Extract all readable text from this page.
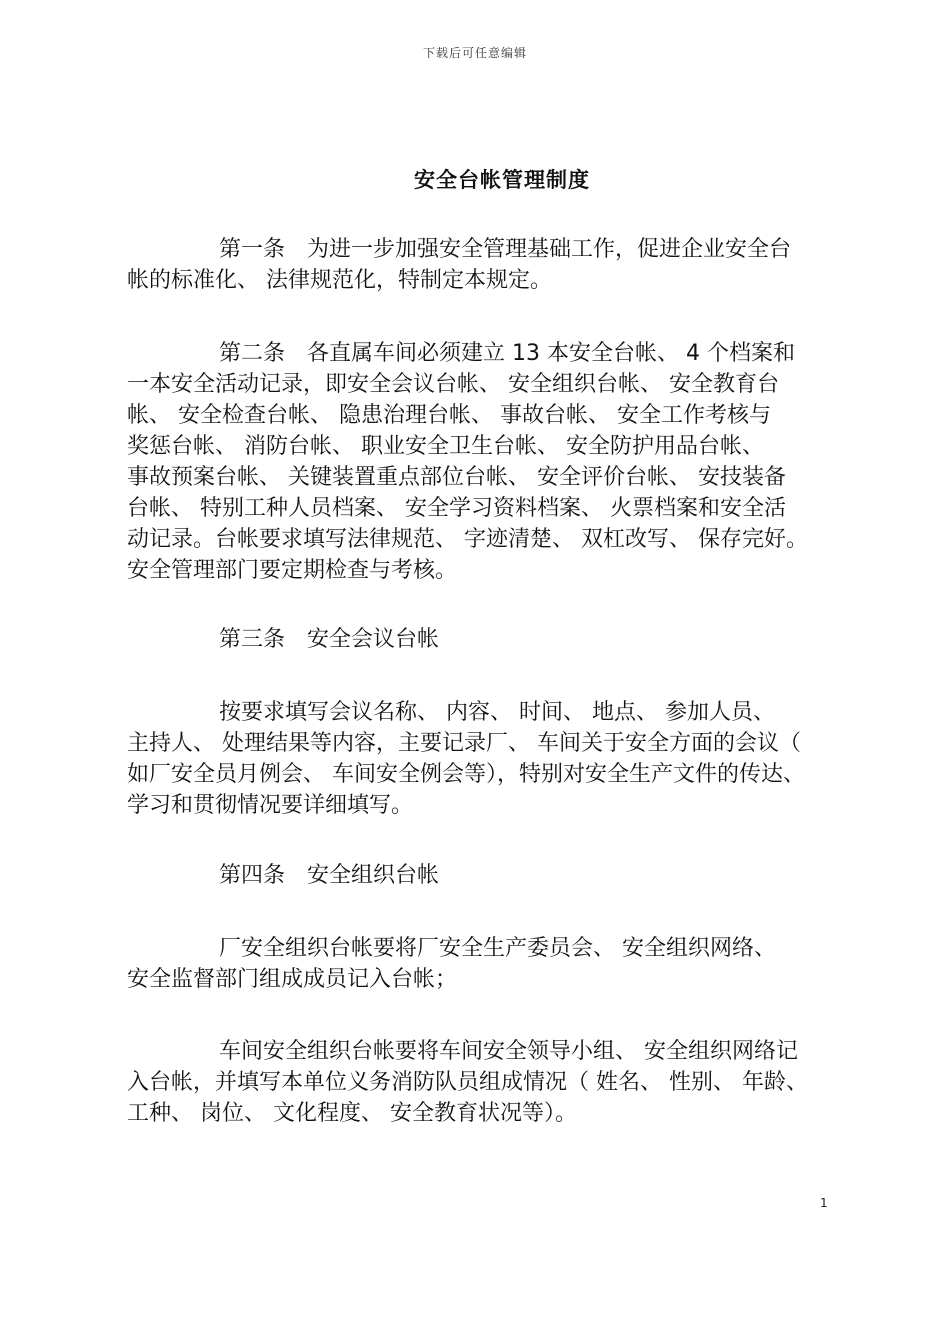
下载后可任意编辑
安全台帐管理制度
第一条　为进一步加强安全管理基础工作，促进企业安全台
帐的标准化、 法律规范化，特制定本规定。
第二条　各直属车间必须建立 13 本安全台帐、 4 个档案和
一本安全活动记录，即安全会议台帐、 安全组织台帐、 安全教育台
帐、 安全检查台帐、 隐患治理台帐、 事故台帐、 安全工作考核与
奖惩台帐、 消防台帐、 职业安全卫生台帐、 安全防护用品台帐、
事故预案台帐、 关键装置重点部位台帐、 安全评价台帐、 安技装备
台帐、 特别工种人员档案、 安全学习资料档案、 火票档案和安全活
动记录。台帐要求填写法律规范、 字迹清楚、 双杠改写、 保存完好。
安全管理部门要定期检查与考核。
第三条　安全会议台帐
按要求填写会议名称、 内容、 时间、 地点、 参加人员、
主持人、 处理结果等内容，主要记录厂、 车间关于安全方面的会议（
如厂安全员月例会、 车间安全例会等），特别对安全生产文件的传达、
学习和贯彻情况要详细填写。
第四条　安全组织台帐
厂安全组织台帐要将厂安全生产委员会、 安全组织网络、
安全监督部门组成成员记入台帐；
车间安全组织台帐要将车间安全领导小组、 安全组织网络记
入台帐，并填写本单位义务消防队员组成情况（ 姓名、 性别、 年龄、
工种、 岗位、 文化程度、 安全教育状况等）。
1
